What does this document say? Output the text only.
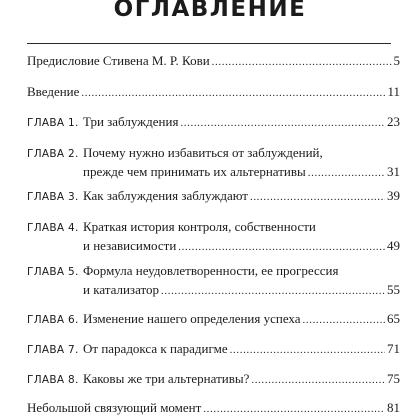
ОГЛАВЛЕНИЕ
Предисловие Стивена М. Р. Кови .....	5
Введение .....	11
ГЛАВА 1. Три заблуждения .....	23
ГЛАВА 2. Почему нужно избавиться от заблуждений,
прежде чем принимать их альтернативы .....	31
ГЛАВА 3. Как заблуждения заблуждают .....	39
ГЛАВА 4. Краткая история контроля, собственности
и независимости .....	49
ГЛАВА 5. Формула неудовлетворенности, ее прогрессия
и катализатор .....	55
ГЛАВА 6. Изменение нашего определения успеха .....	65
ГЛАВА 7. От парадокса к парадигме .....	71
ГЛАВА 8. Каковы же три альтернативы? .....	75
Небольшой связующий момент .....	81
